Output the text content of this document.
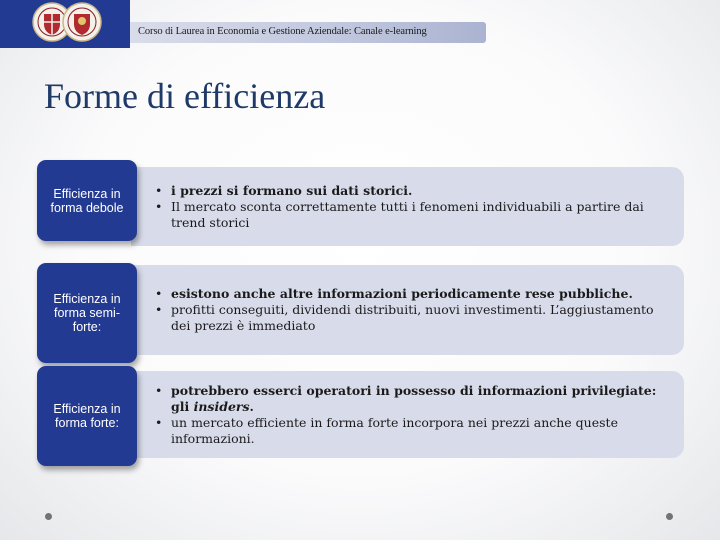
Corso di Laurea in Economia e Gestione Aziendale: Canale e-learning
Forme di efficienza
• i prezzi si formano sui dati storici.
• Il mercato sconta correttamente tutti i fenomeni individuabili a partire dai trend storici
Efficienza in forma debole
• esistono anche altre informazioni periodicamente rese pubbliche.
• profitti conseguiti, dividendi distribuiti, nuovi investimenti. L’aggiustamento dei prezzi è immediato
Efficienza in forma semi-forte:
• potrebbero esserci operatori in possesso di informazioni privilegiate: gli insiders.
• un mercato efficiente in forma forte incorpora nei prezzi anche queste informazioni.
Efficienza in forma forte:
